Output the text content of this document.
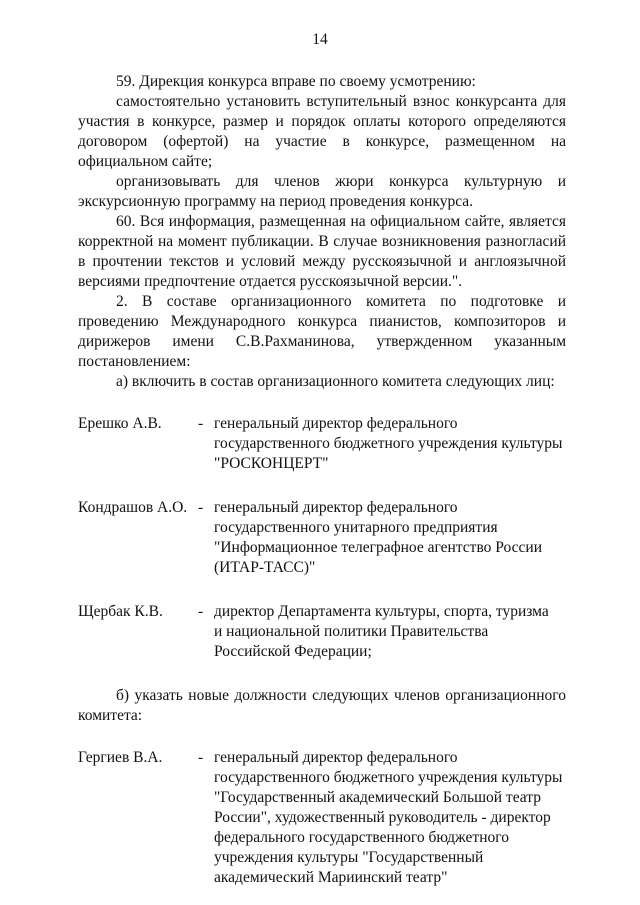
14

59. Дирекция конкурса вправе по своему усмотрению:

самостоятельно установить вступительный взнос конкурсанта для участия в конкурсе, размер и порядок оплаты которого определяются договором (офертой) на участие в конкурсе, размещенном на официальном сайте;

организовывать для членов жюри конкурса культурную и экскурсионную программу на период проведения конкурса.

60. Вся информация, размещенная на официальном сайте, является корректной на момент публикации. В случае возникновения разногласий в прочтении текстов и условий между русскоязычной и англоязычной версиями предпочтение отдается русскоязычной версии.".

2. В составе организационного комитета по подготовке и проведению Международного конкурса пианистов, композиторов и дирижеров имени С.В.Рахманинова, утвержденном указанным постановлением:

а) включить в состав организационного комитета следующих лиц:

Ерешко А.В.	- генеральный директор федерального
государственного бюджетного учреждения культуры
"РОСКОНЦЕРТ"
Кондрашов А.О. - генеральный директор федерального
государственного унитарного предприятия
"Информационное телеграфное агентство России
(ИТАР-ТАСС)"
Щербак К.В.	- директор Департамента культуры, спорта, туризма
и национальной политики Правительства
Российской Федерации;

б) указать новые должности следующих членов организационного комитета:

Гергиев В.А.	- генеральный директор федерального
государственного бюджетного учреждения культуры
"Государственный академический Большой театр
России", художественный руководитель - директор
федерального государственного бюджетного
учреждения культуры "Государственный
академический Мариинский театр"
